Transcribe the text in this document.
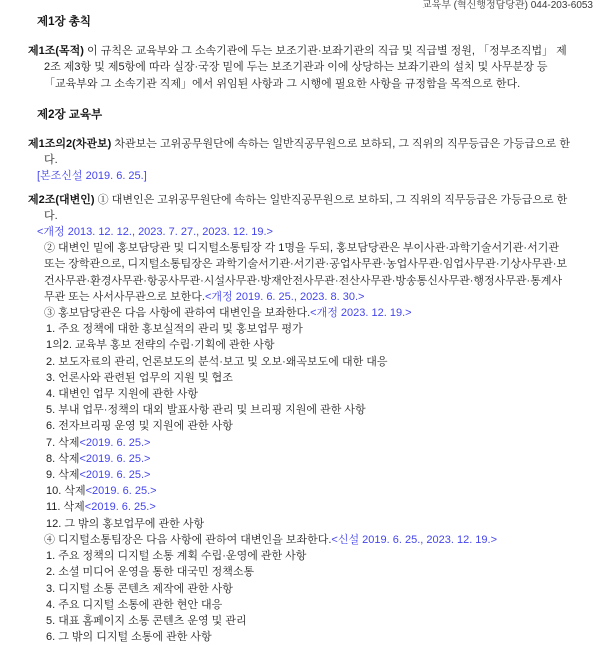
교육부 (혁신행정담당관) 044-203-6053
제1장 총칙
제1조(목적) 이 규칙은 교육부와 그 소속기관에 두는 보조기관·보좌기관의 직급 및 직급별 정원, 「정부조직법」 제2조 제3항 및 제5항에 따라 실장·국장 밑에 두는 보조기관과 이에 상당하는 보좌기관의 설치 및 사무분장 등 「교육부와 그 소속기관 직제」에서 위임된 사항과 그 시행에 필요한 사항을 규정함을 목적으로 한다.
제2장 교육부
제1조의2(차관보) 차관보는 고위공무원단에 속하는 일반직공무원으로 보하되, 그 직위의 직무등급은 가등급으로 한다.
[본조신설 2019. 6. 25.]
제2조(대변인) ① 대변인은 고위공무원단에 속하는 일반직공무원으로 보하되, 그 직위의 직무등급은 가등급으로 한다.
<개정 2013. 12. 12., 2023. 7. 27., 2023. 12. 19.>
② 대변인 밑에 홍보담당관 및 디지털소통팀장 각 1명을 두되, 홍보담당관은 부이사관·과학기술서기관·서기관 또는 장학관으로, 디지털소통팀장은 과학기술서기관·서기관·공업사무관·농업사무관·임업사무관·기상사무관·보건사무관·환경사무관·항공사무관·시설사무관·방재안전사무관·전산사무관·방송통신사무관·행정사무관·통계사무관 또는 사서사무관으로 보한다.<개정 2019. 6. 25., 2023. 8. 30.>
③ 홍보담당관은 다음 사항에 관하여 대변인을 보좌한다.<개정 2023. 12. 19.>
1. 주요 정책에 대한 홍보실적의 관리 및 홍보업무 평가
1의2. 교육부 홍보 전략의 수립·기획에 관한 사항
2. 보도자료의 관리, 언론보도의 분석·보고 및 오보·왜곡보도에 대한 대응
3. 언론사와 관련된 업무의 지원 및 협조
4. 대변인 업무 지원에 관한 사항
5. 부내 업무·정책의 대외 발표사항 관리 및 브리핑 지원에 관한 사항
6. 전자브리핑 운영 및 지원에 관한 사항
7. 삭제<2019. 6. 25.>
8. 삭제<2019. 6. 25.>
9. 삭제<2019. 6. 25.>
10. 삭제<2019. 6. 25.>
11. 삭제<2019. 6. 25.>
12. 그 밖의 홍보업무에 관한 사항
④ 디지털소통팀장은 다음 사항에 관하여 대변인을 보좌한다.<신설 2019. 6. 25., 2023. 12. 19.>
1. 주요 정책의 디지털 소통 계획 수립·운영에 관한 사항
2. 소셜 미디어 운영을 통한 대국민 정책소통
3. 디지털 소통 콘텐츠 제작에 관한 사항
4. 주요 디지털 소통에 관한 현안 대응
5. 대표 홈페이지 소통 콘텐츠 운영 및 관리
6. 그 밖의 디지털 소통에 관한 사항
